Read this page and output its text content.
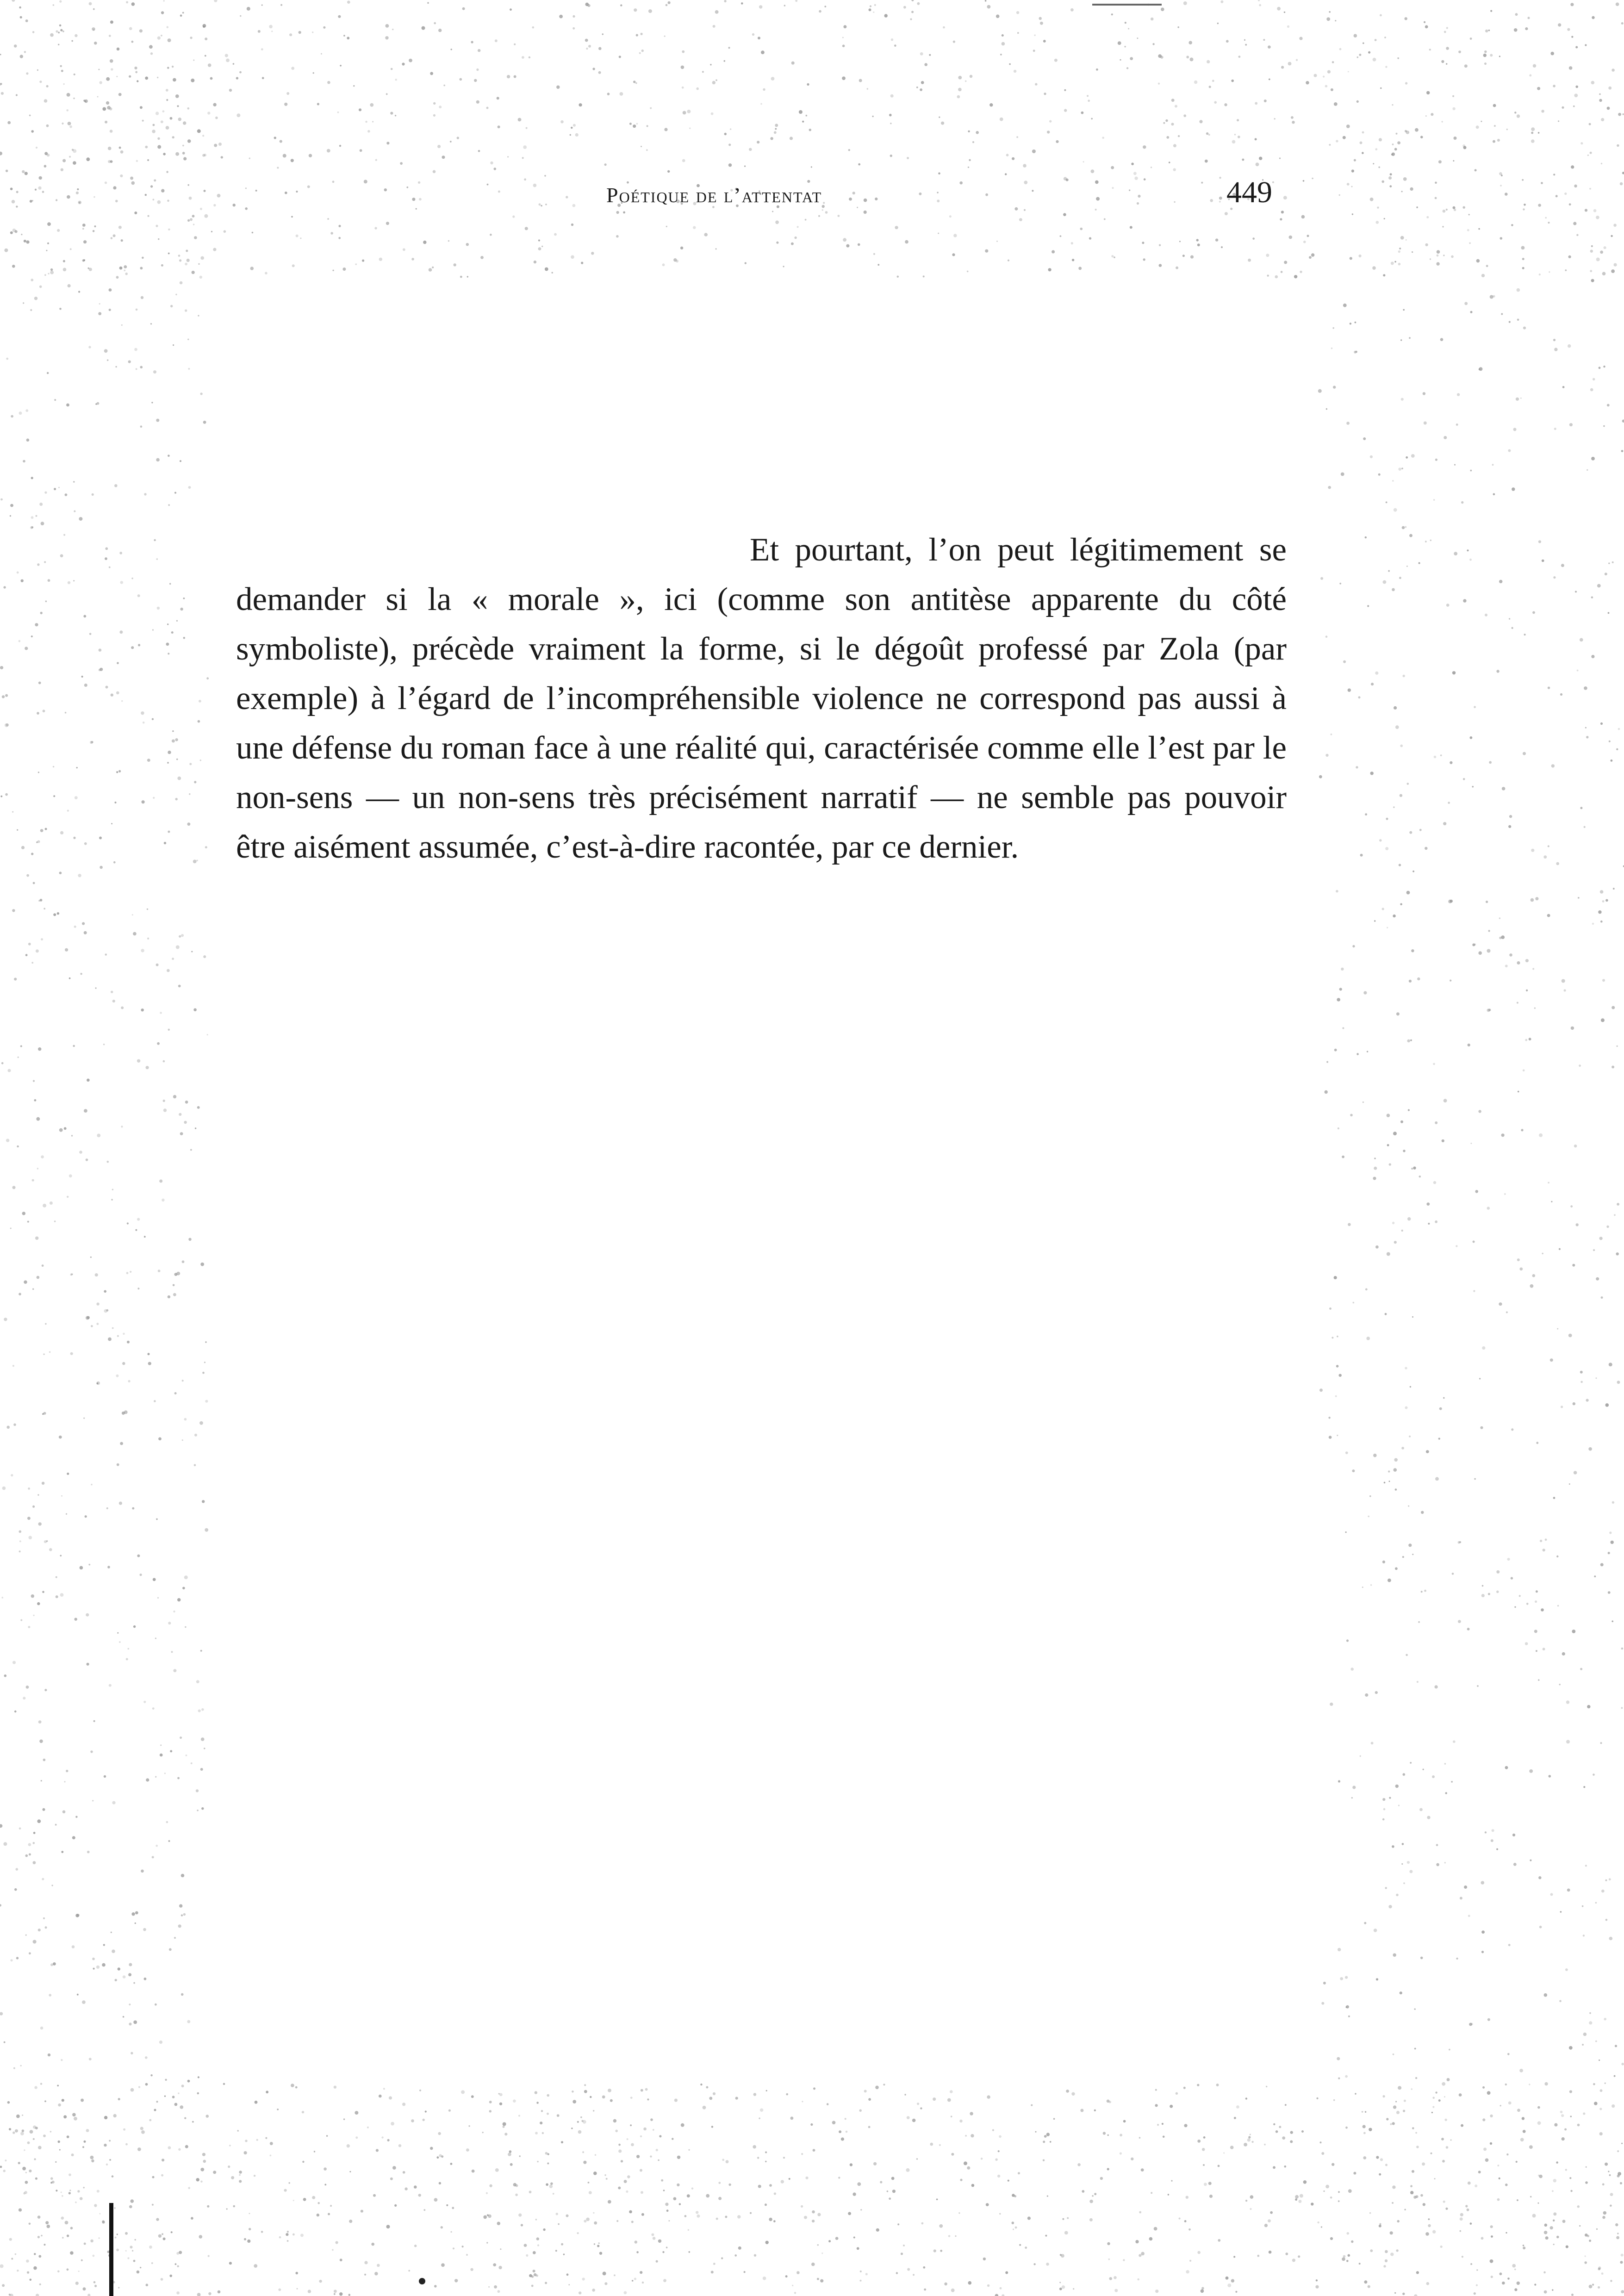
Poétique de l’attentat	449

Et pourtant, l’on peut légitimement se demander si la « morale », ici (comme son antitèse apparente du côté symboliste), précède vraiment la forme, si le dégoût professé par Zola (par exemple) à l’égard de l’incompréhensible violence ne correspond pas aussi à une défense du roman face à une réalité qui, caractérisée comme elle l’est par le non-sens — un non-sens très précisément narratif — ne semble pas pouvoir être aisément assumée, c’est-à-dire racontée, par ce dernier.
